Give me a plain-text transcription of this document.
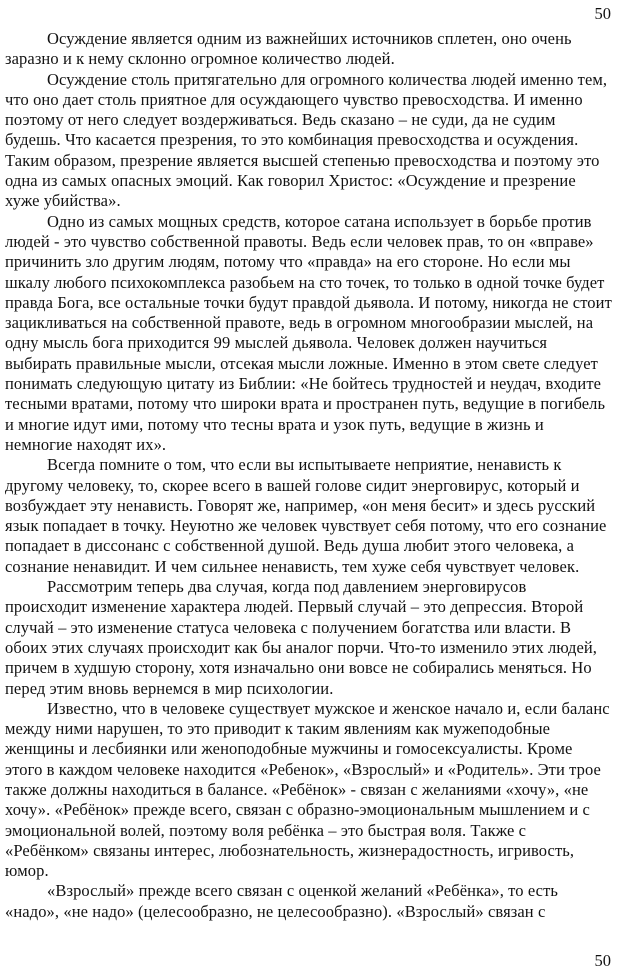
50

Осуждение является одним из важнейших источников сплетен, оно очень заразно и к нему склонно огромное количество людей.

Осуждение столь притягательно для огромного количества людей именно тем, что оно дает столь приятное для осуждающего чувство превосходства. И именно поэтому от него следует воздерживаться. Ведь сказано – не суди, да не судим будешь. Что касается презрения, то это комбинация превосходства и осуждения. Таким образом, презрение является высшей степенью превосходства и поэтому это одна из самых опасных эмоций. Как говорил Христос: «Осуждение и презрение хуже убийства».

Одно из самых мощных средств, которое сатана использует в борьбе против людей - это чувство собственной правоты. Ведь если человек прав, то он «вправе» причинить зло другим людям, потому что «правда» на его стороне. Но если мы шкалу любого психокомплекса разобьем на сто точек, то только в одной точке будет правда Бога, все остальные точки будут правдой дьявола. И потому, никогда не стоит зацикливаться на собственной правоте, ведь в огромном многообразии мыслей, на одну мысль бога приходится 99 мыслей дьявола. Человек должен научиться выбирать правильные мысли, отсекая мысли ложные. Именно в этом свете следует понимать следующую цитату из Библии: «Не бойтесь трудностей и неудач, входите тесными вратами, потому что широки врата и пространен путь, ведущие в погибель и многие идут ими, потому что тесны врата и узок путь, ведущие в жизнь и немногие находят их».

Всегда помните о том, что если вы испытываете неприятие, ненависть к другому человеку, то, скорее всего в вашей голове сидит энерговирус, который и возбуждает эту ненависть. Говорят же, например, «он меня бесит» и здесь русский язык попадает в точку. Неуютно же человек чувствует себя потому, что его сознание попадает в диссонанс с собственной душой. Ведь душа любит этого человека, а сознание ненавидит. И чем сильнее ненависть, тем хуже себя чувствует человек.

Рассмотрим теперь два случая, когда под давлением энерговирусов происходит изменение характера людей. Первый случай – это депрессия. Второй случай – это изменение статуса человека с получением богатства или власти. В обоих этих случаях происходит как бы аналог порчи. Что-то изменило этих людей, причем в худшую сторону, хотя изначально они вовсе не собирались меняться. Но перед этим вновь вернемся в мир психологии.

Известно, что в человеке существует мужское и женское начало и, если баланс между ними нарушен, то это приводит к таким явлениям как мужеподобные женщины и лесбиянки или женоподобные мужчины и гомосексуалисты. Кроме этого в каждом человеке находится «Ребенок», «Взрослый» и «Родитель». Эти трое также должны находиться в балансе. «Ребёнок» - связан с желаниями «хочу», «не хочу». «Ребёнок» прежде всего, связан с образно-эмоциональным мышлением и с эмоциональной волей, поэтому воля ребёнка – это быстрая воля. Также с «Ребёнком» связаны интерес, любознательность, жизнерадостность, игривость, юмор.

«Взрослый» прежде всего связан с оценкой желаний «Ребёнка», то есть «надо», «не надо» (целесообразно, не целесообразно). «Взрослый» связан с

50
